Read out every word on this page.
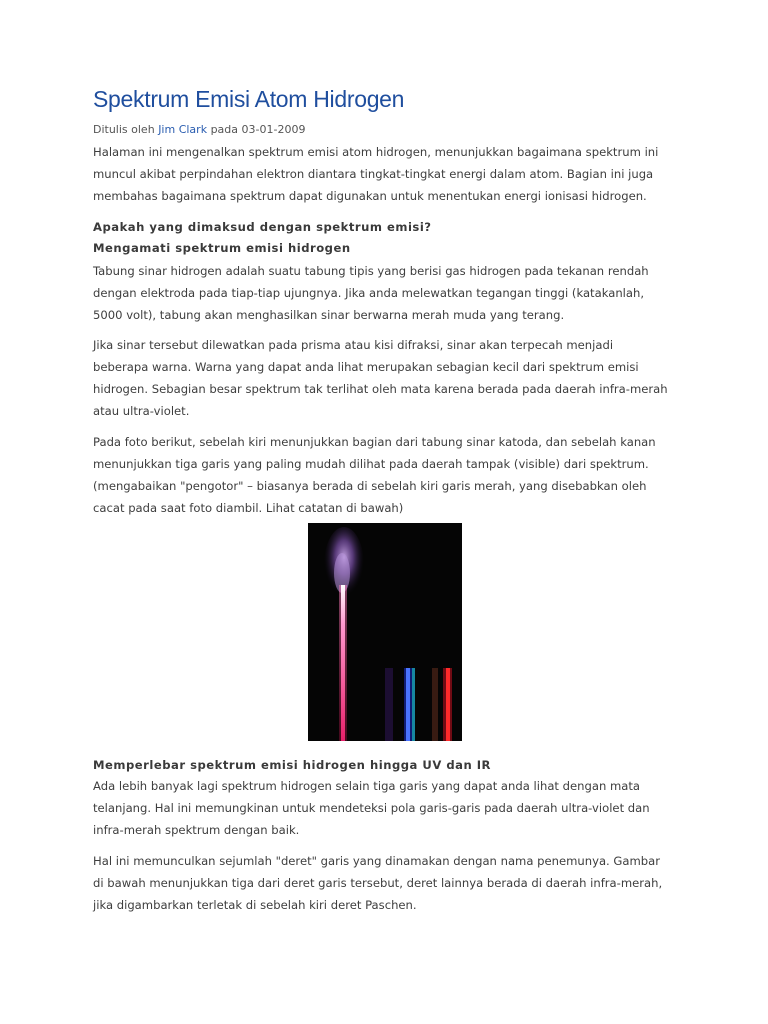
Spektrum Emisi Atom Hidrogen
Ditulis oleh Jim Clark pada 03-01-2009

Halaman ini mengenalkan spektrum emisi atom hidrogen, menunjukkan bagaimana spektrum ini
muncul akibat perpindahan elektron diantara tingkat-tingkat energi dalam atom. Bagian ini juga
membahas bagaimana spektrum dapat digunakan untuk menentukan energi ionisasi hidrogen.

Apakah yang dimaksud dengan spektrum emisi?
Mengamati spektrum emisi hidrogen

Tabung sinar hidrogen adalah suatu tabung tipis yang berisi gas hidrogen pada tekanan rendah
dengan elektroda pada tiap-tiap ujungnya. Jika anda melewatkan tegangan tinggi (katakanlah,
5000 volt), tabung akan menghasilkan sinar berwarna merah muda yang terang.

Jika sinar tersebut dilewatkan pada prisma atau kisi difraksi, sinar akan terpecah menjadi
beberapa warna. Warna yang dapat anda lihat merupakan sebagian kecil dari spektrum emisi
hidrogen. Sebagian besar spektrum tak terlihat oleh mata karena berada pada daerah infra-merah
atau ultra-violet.

Pada foto berikut, sebelah kiri menunjukkan bagian dari tabung sinar katoda, dan sebelah kanan
menunjukkan tiga garis yang paling mudah dilihat pada daerah tampak (visible) dari spektrum.
(mengabaikan "pengotor" – biasanya berada di sebelah kiri garis merah, yang disebabkan oleh
cacat pada saat foto diambil. Lihat catatan di bawah)

Memperlebar spektrum emisi hidrogen hingga UV dan IR

Ada lebih banyak lagi spektrum hidrogen selain tiga garis yang dapat anda lihat dengan mata
telanjang. Hal ini memungkinan untuk mendeteksi pola garis-garis pada daerah ultra-violet dan
infra-merah spektrum dengan baik.

Hal ini memunculkan sejumlah "deret" garis yang dinamakan dengan nama penemunya. Gambar
di bawah menunjukkan tiga dari deret garis tersebut, deret lainnya berada di daerah infra-merah,
jika digambarkan terletak di sebelah kiri deret Paschen.
